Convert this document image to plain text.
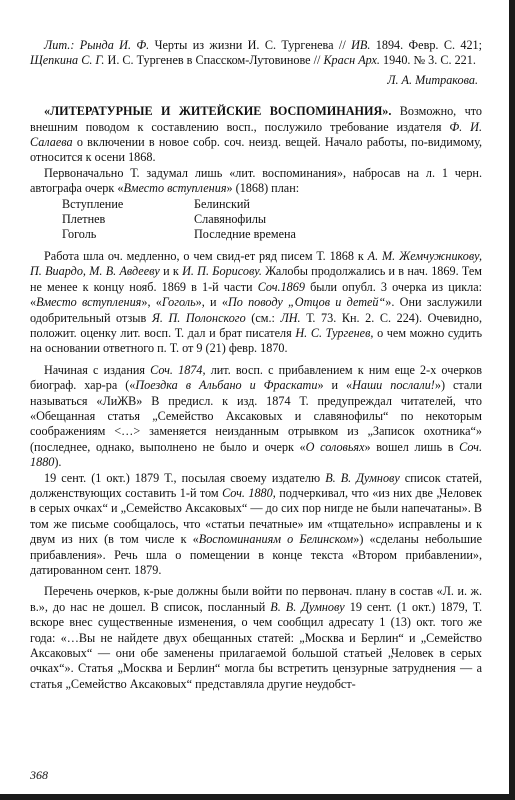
Лит.: Рында И. Ф. Черты из жизни И. С. Тургенева // ИВ. 1894. Февр. С. 421; Щепкина С. Г. И. С. Тургенев в Спасском-Лутовинове // Красн Арх. 1940. № 3. С. 221.

Л. А. Митракова.

«ЛИТЕРАТУРНЫЕ И ЖИТЕЙСКИЕ ВОСПОМИНАНИЯ». Возможно, что внешним поводом к составлению восп., послужило требование издателя Ф. И. Салаева о включении в новое собр. соч. неизд. вещей. Начало работы, по-видимому, относится к осени 1868.

Первоначально Т. задумал лишь «лит. воспоминания», набросав на л. 1 черн. автографа очерк «Вместо вступления» (1868) план:

Вступление	Белинский
Плетнев	Славянофилы
Гоголь	Последние времена

Работа шла оч. медленно, о чем свид-ет ряд писем Т. 1868 к А. М. Жемчужникову, П. Виардо, М. В. Авдееву и к И. П. Борисову. Жалобы продолжались и в нач. 1869. Тем не менее к концу нояб. 1869 в 1-й части Соч.1869 были опубл. 3 очерка из цикла: «Вместо вступления», «Гоголь», и «По поводу „Отцов и детей“». Они заслужили одобрительный отзыв Я. П. Полонского (см.: ЛН. Т. 73. Кн. 2. С. 224). Очевидно, положит. оценку лит. восп. Т. дал и брат писателя Н. С. Тургенев, о чем можно судить на основании ответного п. Т. от 9 (21) февр. 1870.

Начиная с издания Соч. 1874, лит. восп. с прибавлением к ним еще 2-х очерков биограф. хар-ра («Поездка в Альбано и Фраскати» и «Наши послали!») стали называться «ЛиЖВ» В предисл. к изд. 1874 Т. предупреждал читателей, что «Обещанная статья „Семейство Аксаковых и славянофилы“ по некоторым соображениям <…> заменяется неизданным отрывком из „Записок охотника“» (последнее, однако, выполнено не было и очерк «О соловьях» вошел лишь в Соч. 1880).

19 сент. (1 окт.) 1879 Т., посылая своему издателю В. В. Думнову список статей, долженствующих составить 1-й том Соч. 1880, подчеркивал, что «из них две „Человек в серых очках“ и „Семейство Аксаковых“ — до сих пор нигде не были напечатаны». В том же письме сообщалось, что «статьи печатные» им «тщательно» исправлены и к двум из них (в том числе к «Воспоминаниям о Белинском») «сделаны небольшие прибавления». Речь шла о помещении в конце текста «Втором прибавлении», датированном сент. 1879.

Перечень очерков, к-рые должны были войти по первонач. плану в состав «Л. и. ж. в.», до нас не дошел. В список, посланный В. В. Думнову 19 сент. (1 окт.) 1879, Т. вскоре внес существенные изменения, о чем сообщил адресату 1 (13) окт. того же года: «…Вы не найдете двух обещанных статей: „Москва и Берлин“ и „Семейство Аксаковых“ — они обе заменены прилагаемой большой статьей „Человек в серых очках“». Статья „Москва и Берлин“ могла бы встретить цензурные затруднения — а статья „Семейство Аксаковых“ представляла другие неудобст-

368
